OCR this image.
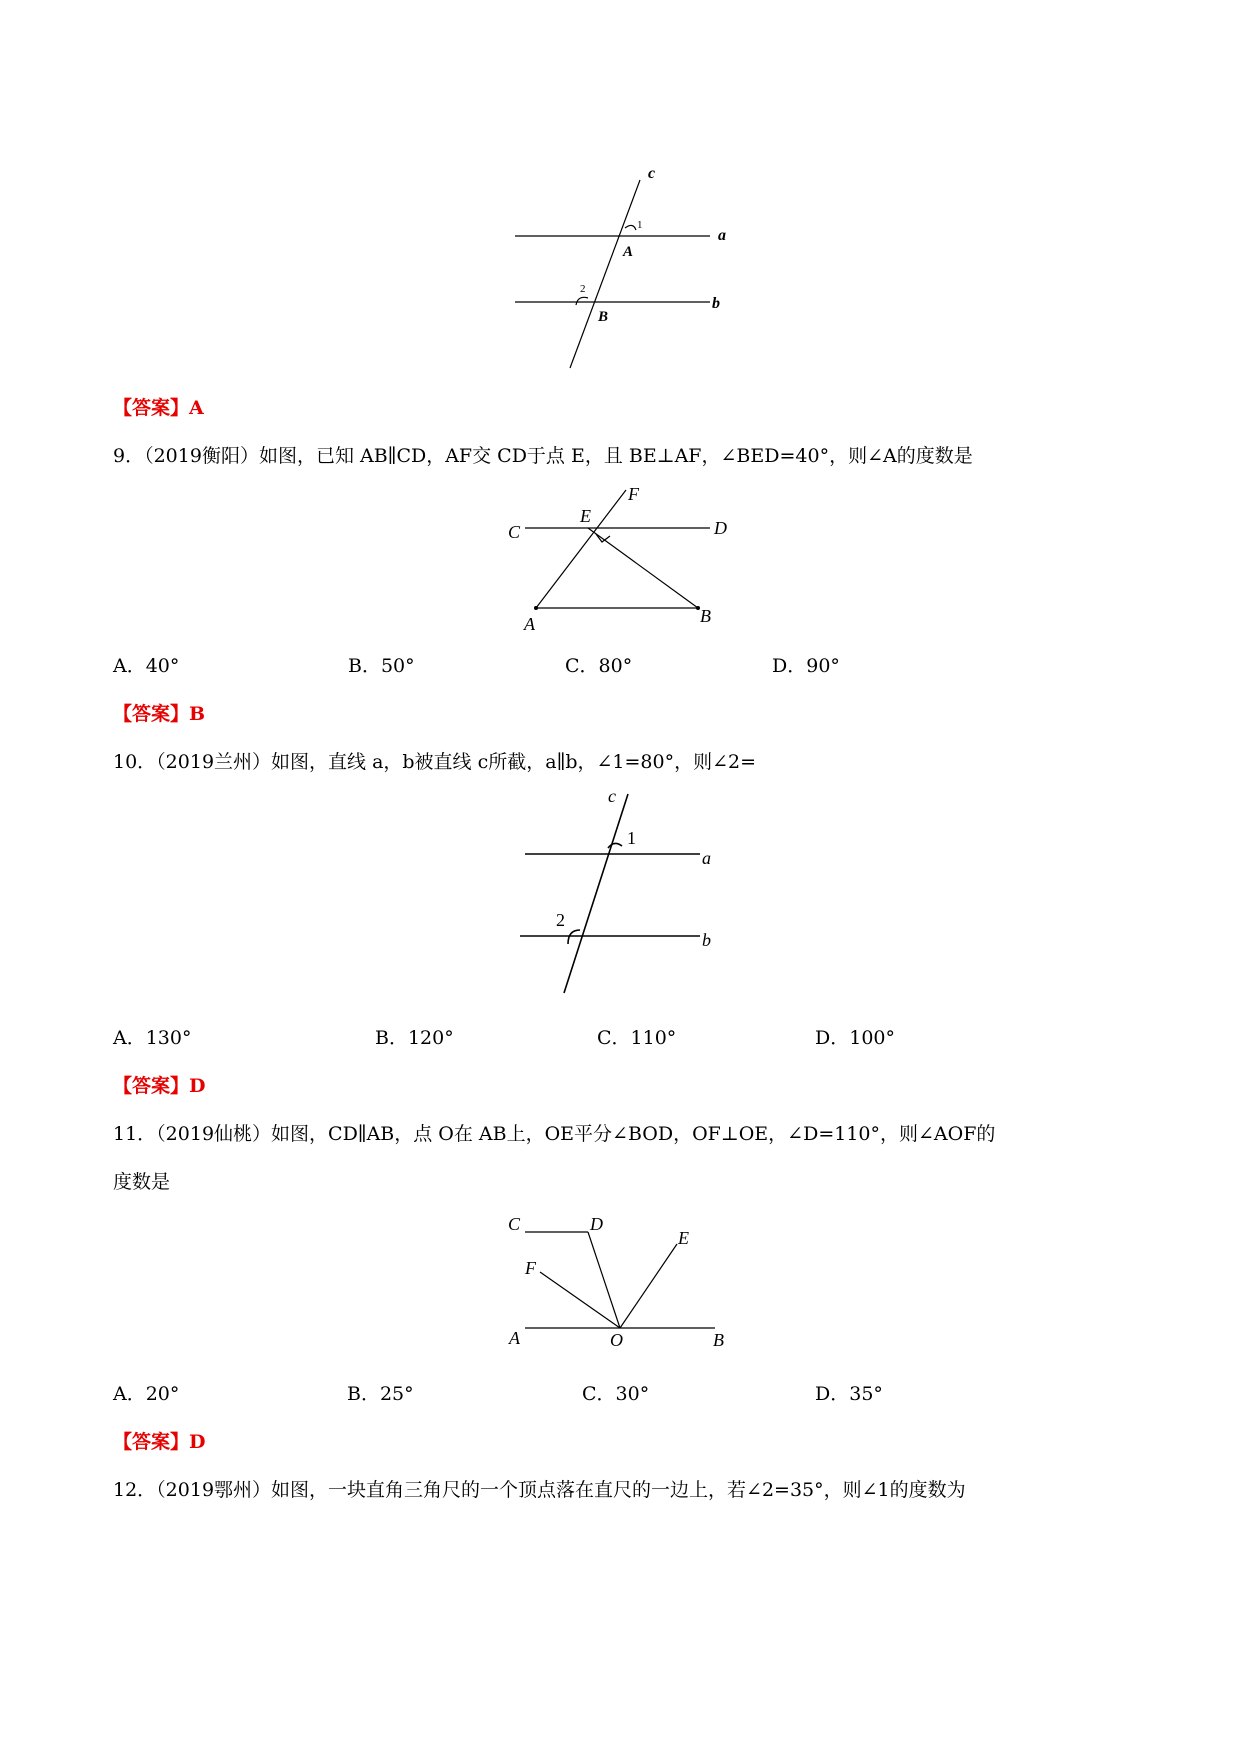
c
a
b
A
B
1
2
【答案】A
9．（2019衡阳）如图，已知 AB∥CD，AF交 CD于点 E，且 BE⊥AF，∠BED=40°，则∠A的度数是
C
E
F
D
A	B
A．40°	B．50°	C．80°	D．90°
【答案】B
10．（2019兰州）如图，直线 a，b被直线 c所截，a∥b，∠1=80°，则∠2=
c
a
b
1
2
A．130°	B．120°	C．110°	D．100°
【答案】D
11．（2019仙桃）如图，CD∥AB，点 O在 AB上，OE平分∠BOD，OF⊥OE，∠D=110°，则∠AOF的
度数是
C	D
E
F
A	O	B
A．20°	B．25°	C．30°	D．35°
【答案】D
12．（2019鄂州）如图，一块直角三角尺的一个顶点落在直尺的一边上，若∠2=35°，则∠1的度数为
